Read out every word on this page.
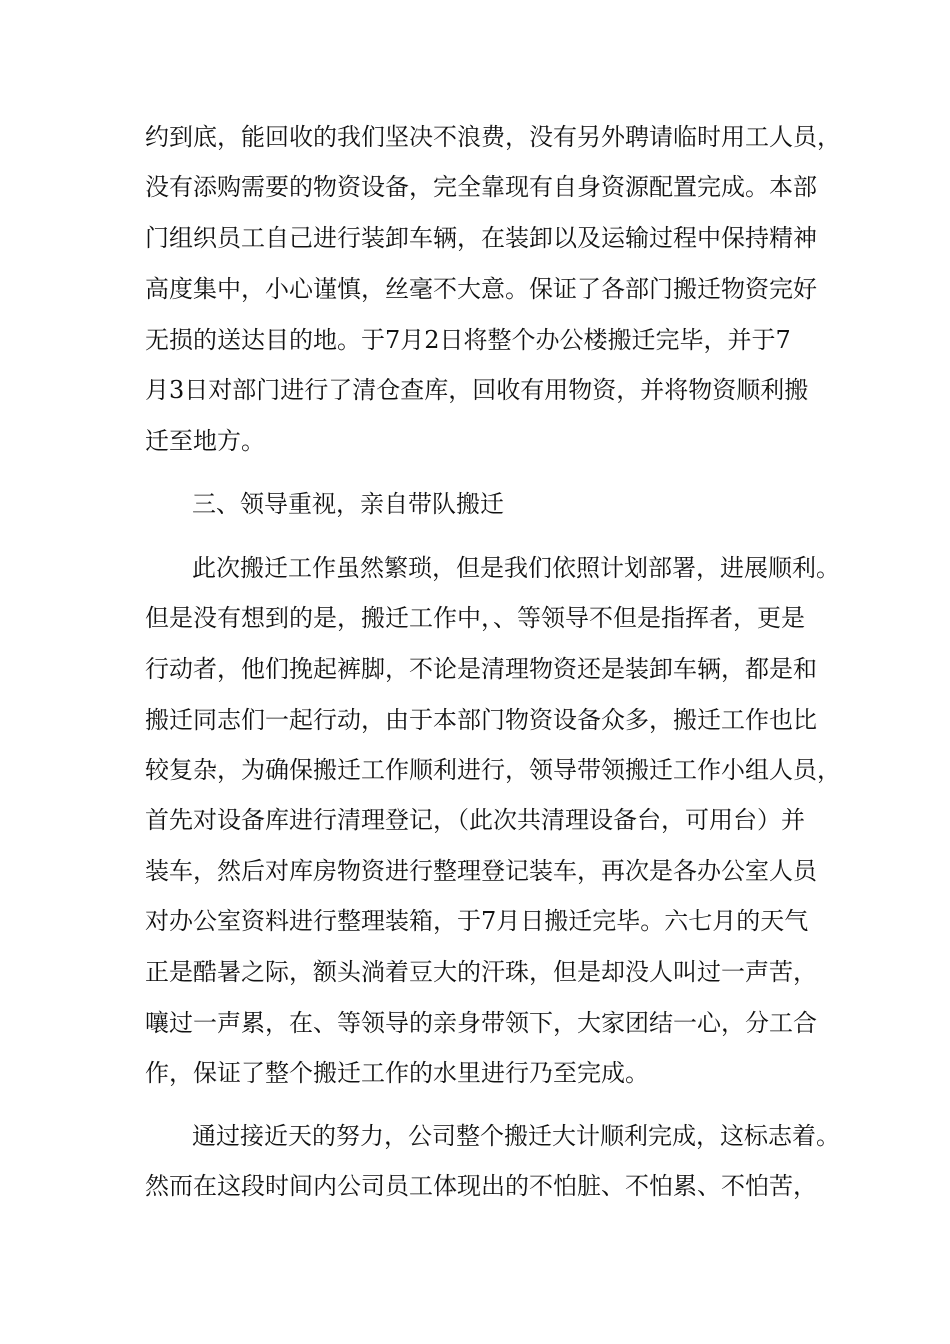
约到底，能回收的我们坚决不浪费，没有另外聘请临时用工人员，
没有添购需要的物资设备，完全靠现有自身资源配置完成。本部
门组织员工自己进行装卸车辆，在装卸以及运输过程中保持精神
高度集中，小心谨慎，丝毫不大意。保证了各部门搬迁物资完好
无损的送达目的地。于7月2日将整个办公楼搬迁完毕，并于7
月3日对部门进行了清仓查库，回收有用物资，并将物资顺利搬
迁至地方。
三、领导重视，亲自带队搬迁
此次搬迁工作虽然繁琐，但是我们依照计划部署，进展顺利。
但是没有想到的是，搬迁工作中，、等领导不但是指挥者，更是
行动者，他们挽起裤脚，不论是清理物资还是装卸车辆，都是和
搬迁同志们一起行动，由于本部门物资设备众多，搬迁工作也比
较复杂，为确保搬迁工作顺利进行，领导带领搬迁工作小组人员，
首先对设备库进行清理登记，（此次共清理设备台，可用台）并
装车，然后对库房物资进行整理登记装车，再次是各办公室人员
对办公室资料进行整理装箱，于7月日搬迁完毕。六七月的天气
正是酷暑之际，额头淌着豆大的汗珠，但是却没人叫过一声苦，
嚷过一声累，在、等领导的亲身带领下，大家团结一心，分工合
作，保证了整个搬迁工作的水里进行乃至完成。
通过接近天的努力，公司整个搬迁大计顺利完成，这标志着。
然而在这段时间内公司员工体现出的不怕脏、不怕累、不怕苦，
